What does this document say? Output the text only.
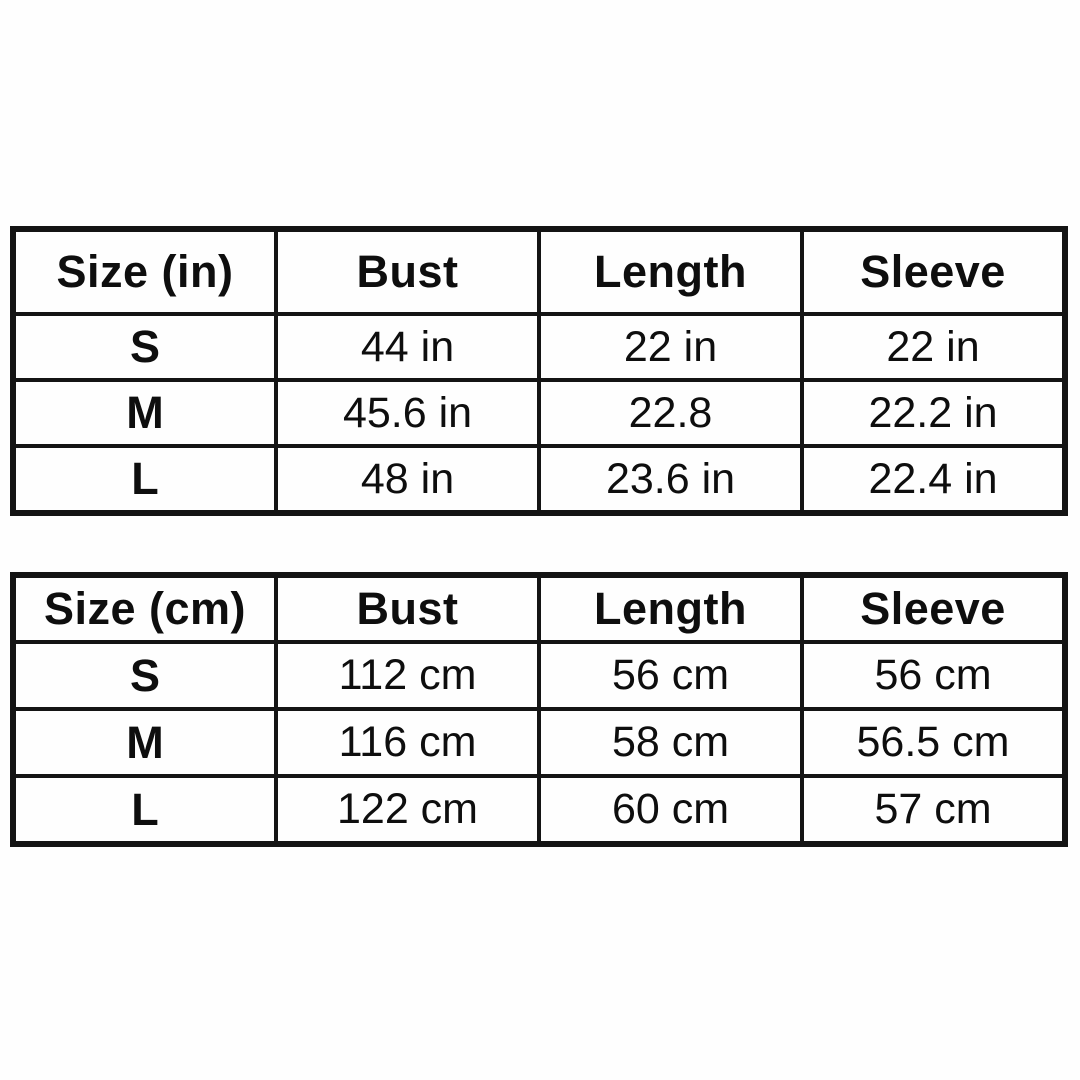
Size (in)	Bust	Length	Sleeve
S	44 in	22 in	22 in
M	45.6 in	22.8	22.2 in
L	48 in	23.6 in	22.4 in
Size (cm)	Bust	Length	Sleeve
S	112 cm	56 cm	56 cm
M	116 cm	58 cm	56.5 cm
L	122 cm	60 cm	57 cm
